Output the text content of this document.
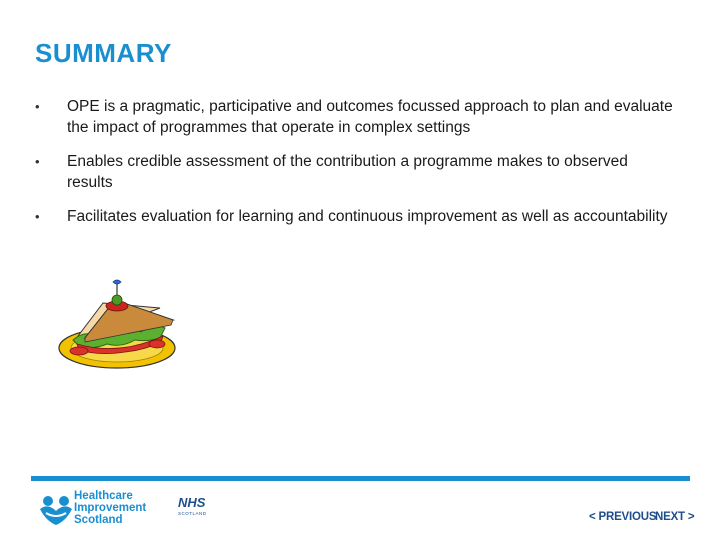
SUMMARY
• OPE is a pragmatic, participative and outcomes focussed approach to plan and evaluate the impact of programmes that operate in complex settings
• Enables credible assessment of the contribution a programme makes to observed results
• Facilitates evaluation for learning and continuous improvement as well as accountability
Healthcare
Improvement
Scotland
NHS
SCOTLAND	< PREVIOUS
NEXT >
